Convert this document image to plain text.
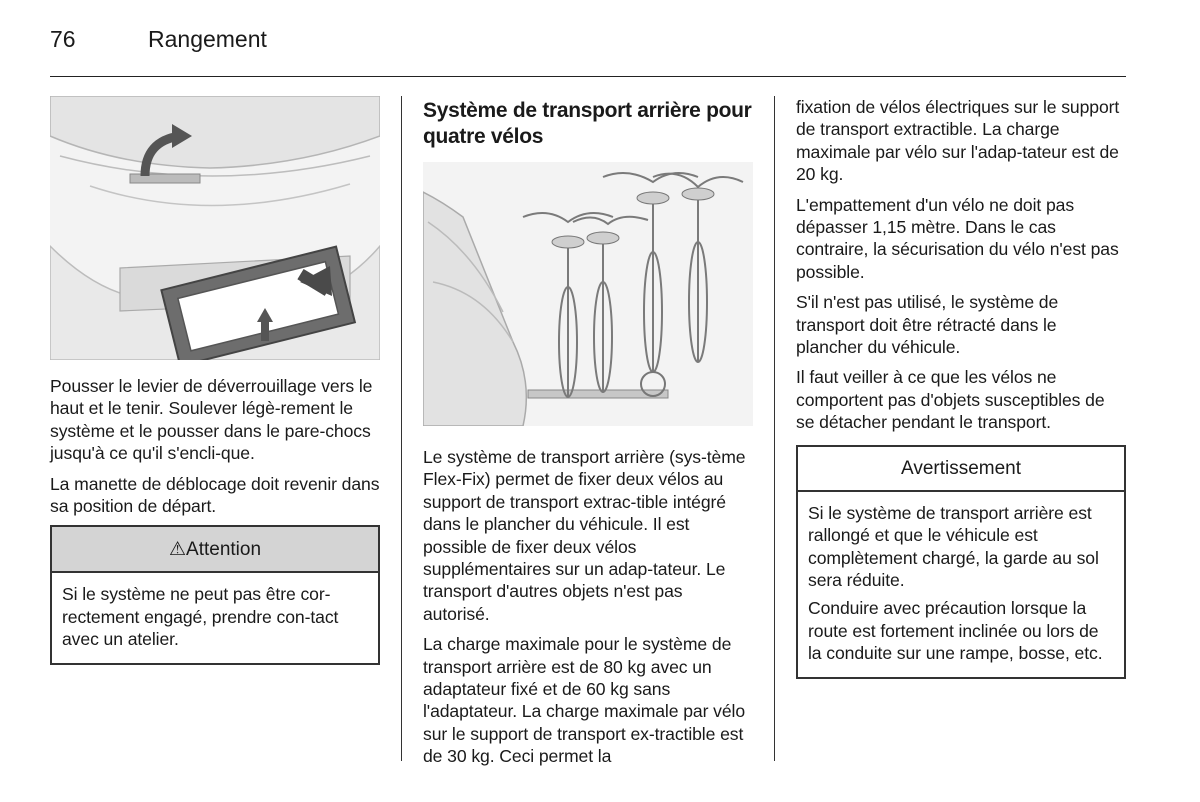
76	Rangement

Pousser le levier de déverrouillage vers le haut et le tenir. Soulever légè-rement le système et le pousser dans le pare-chocs jusqu'à ce qu'il s'encli-que.

La manette de déblocage doit revenir dans sa position de départ.

⚠Attention

Si le système ne peut pas être cor-rectement engagé, prendre con-tact avec un atelier.

Système de transport arrière pour quatre vélos

Le système de transport arrière (sys-tème Flex-Fix) permet de fixer deux vélos au support de transport extrac-tible intégré dans le plancher du véhicule. Il est possible de fixer deux vélos supplémentaires sur un adap-tateur. Le transport d'autres objets n'est pas autorisé.

La charge maximale pour le système de transport arrière est de 80 kg avec un adaptateur fixé et de 60 kg sans l'adaptateur. La charge maximale par vélo sur le support de transport ex-tractible est de 30 kg. Ceci permet la

fixation de vélos électriques sur le support de transport extractible. La charge maximale par vélo sur l'adap-tateur est de 20 kg.

L'empattement d'un vélo ne doit pas dépasser 1,15 mètre. Dans le cas contraire, la sécurisation du vélo n'est pas possible.

S'il n'est pas utilisé, le système de transport doit être rétracté dans le plancher du véhicule.

Il faut veiller à ce que les vélos ne comportent pas d'objets susceptibles de se détacher pendant le transport.

Avertissement

Si le système de transport arrière est rallongé et que le véhicule est complètement chargé, la garde au sol sera réduite.

Conduire avec précaution lorsque la route est fortement inclinée ou lors de la conduite sur une rampe, bosse, etc.
